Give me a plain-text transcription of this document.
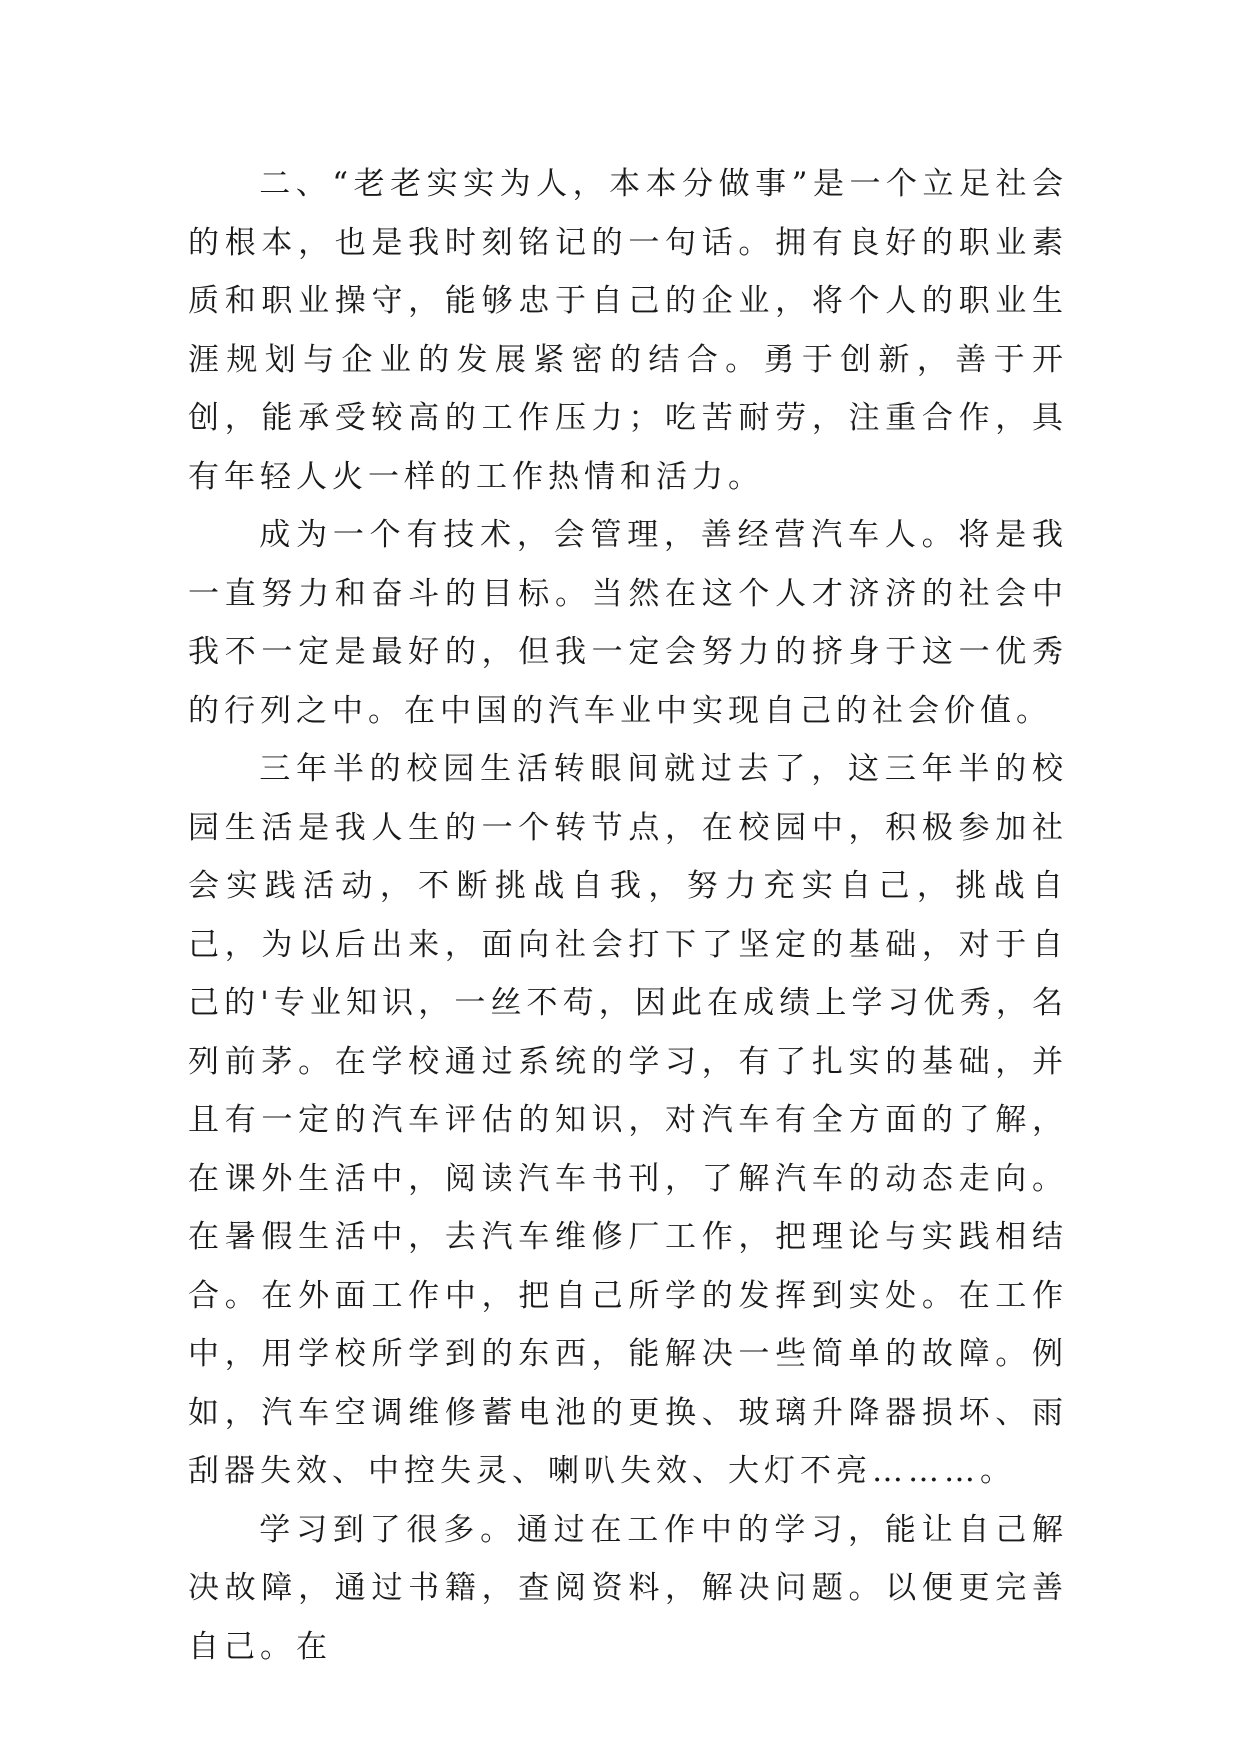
二、“老老实实为人，本本分做事”是一个立足社会的根本，也是我时刻铭记的一句话。拥有良好的职业素质和职业操守，能够忠于自己的企业，将个人的职业生涯规划与企业的发展紧密的结合。勇于创新，善于开创，能承受较高的工作压力；吃苦耐劳，注重合作，具有年轻人火一样的工作热情和活力。

成为一个有技术，会管理，善经营汽车人。将是我一直努力和奋斗的目标。当然在这个人才济济的社会中我不一定是最好的，但我一定会努力的挤身于这一优秀的行列之中。在中国的汽车业中实现自己的社会价值。

三年半的校园生活转眼间就过去了，这三年半的校园生活是我人生的一个转节点，在校园中，积极参加社会实践活动，不断挑战自我，努力充实自己，挑战自己，为以后出来，面向社会打下了坚定的基础，对于自己的'专业知识，一丝不苟，因此在成绩上学习优秀，名列前茅。在学校通过系统的学习，有了扎实的基础，并且有一定的汽车评估的知识，对汽车有全方面的了解，在课外生活中，阅读汽车书刊，了解汽车的动态走向。在暑假生活中，去汽车维修厂工作，把理论与实践相结合。在外面工作中，把自己所学的发挥到实处。在工作中，用学校所学到的东西，能解决一些简单的故障。例如，汽车空调维修蓄电池的更换、玻璃升降器损坏、雨刮器失效、中控失灵、喇叭失效、大灯不亮………。

学习到了很多。通过在工作中的学习，能让自己解决故障，通过书籍，查阅资料，解决问题。以便更完善自己。在
